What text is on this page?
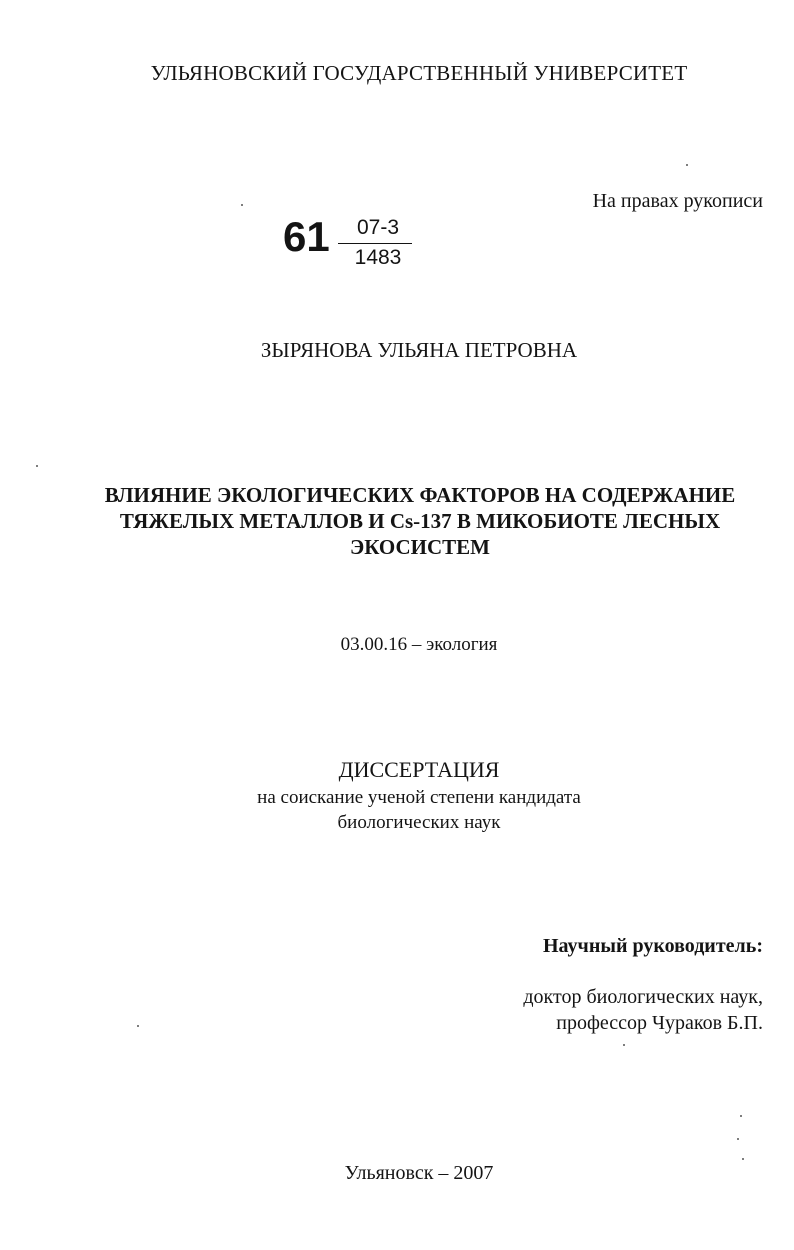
УЛЬЯНОВСКИЙ ГОСУДАРСТВЕННЫЙ УНИВЕРСИТЕТ

На правах рукописи

61	07-3
1483

ЗЫРЯНОВА УЛЬЯНА ПЕТРОВНА

ВЛИЯНИЕ ЭКОЛОГИЧЕСКИХ ФАКТОРОВ НА СОДЕРЖАНИЕ
ТЯЖЕЛЫХ МЕТАЛЛОВ И Cs-137 В МИКОБИОТЕ ЛЕСНЫХ
ЭКОСИСТЕМ

03.00.16 – экология

ДИССЕРТАЦИЯ

на соискание ученой степени кандидата

биологических наук

Научный руководитель:

доктор биологических наук,

профессор Чураков Б.П.

Ульяновск – 2007
